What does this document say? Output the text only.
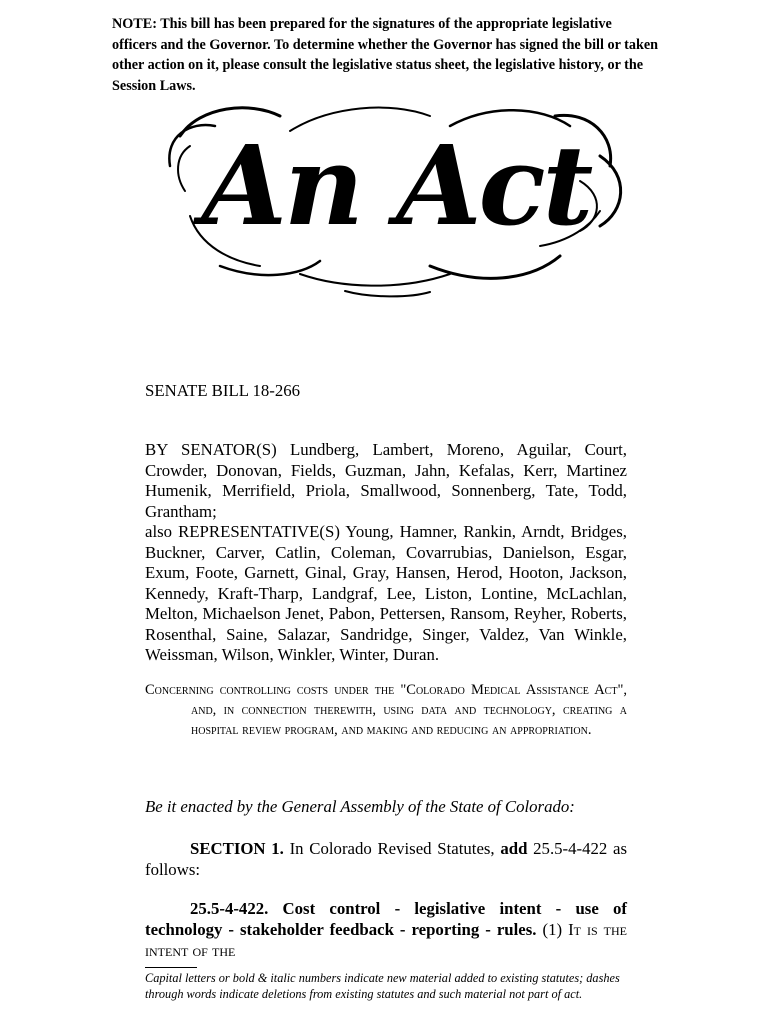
NOTE: This bill has been prepared for the signatures of the appropriate legislative officers and the Governor. To determine whether the Governor has signed the bill or taken other action on it, please consult the legislative status sheet, the legislative history, or the Session Laws.
An Act
SENATE BILL 18-266
BY SENATOR(S) Lundberg, Lambert, Moreno, Aguilar, Court, Crowder, Donovan, Fields, Guzman, Jahn, Kefalas, Kerr, Martinez Humenik, Merrifield, Priola, Smallwood, Sonnenberg, Tate, Todd, Grantham;
also REPRESENTATIVE(S) Young, Hamner, Rankin, Arndt, Bridges, Buckner, Carver, Catlin, Coleman, Covarrubias, Danielson, Esgar, Exum, Foote, Garnett, Ginal, Gray, Hansen, Herod, Hooton, Jackson, Kennedy, Kraft-Tharp, Landgraf, Lee, Liston, Lontine, McLachlan, Melton, Michaelson Jenet, Pabon, Pettersen, Ransom, Reyher, Roberts, Rosenthal, Saine, Salazar, Sandridge, Singer, Valdez, Van Winkle, Weissman, Wilson, Winkler, Winter, Duran.
Concerning controlling costs under the "Colorado Medical Assistance Act", and, in connection therewith, using data and technology, creating a hospital review program, and making and reducing an appropriation.
Be it enacted by the General Assembly of the State of Colorado:
SECTION 1. In Colorado Revised Statutes, add 25.5-4-422 as follows:
25.5-4-422. Cost control - legislative intent - use of technology - stakeholder feedback - reporting - rules. (1) It is the intent of the
Capital letters or bold & italic numbers indicate new material added to existing statutes; dashes through words indicate deletions from existing statutes and such material not part of act.
